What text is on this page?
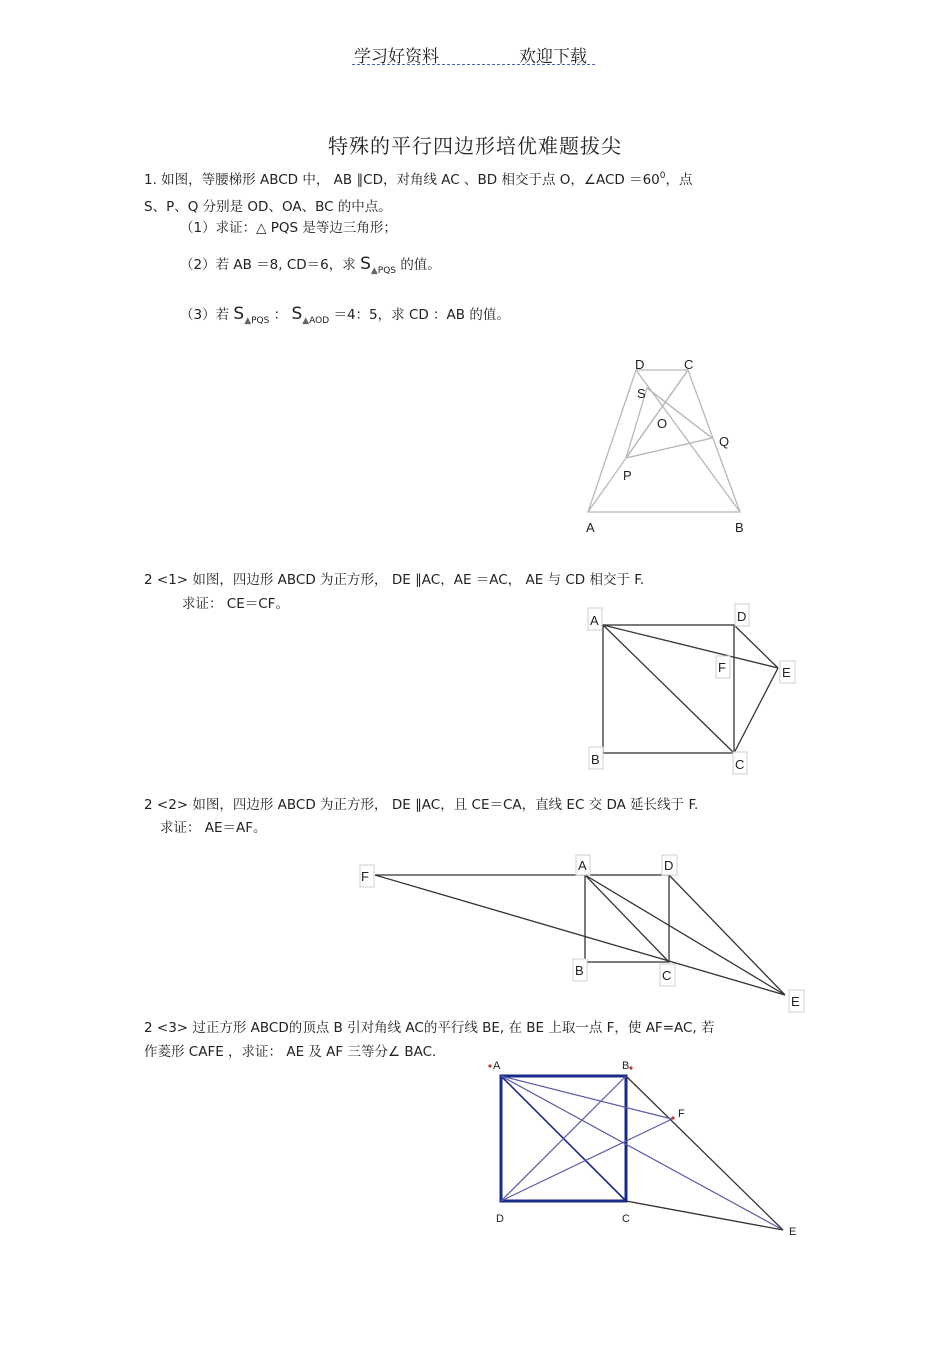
学习好资料	欢迎下载
特殊的平行四边形培优难题拔尖
1. 如图，等腰梯形 ABCD 中， AB ∥CD，对角线 AC 、BD 相交于点 O，∠ACD $=60^0$，点
S、P、Q 分别是 OD、OA、BC 的中点。
（1）求证：△ PQS 是等边三角形；
（2）若 AB ＝8, CD＝6，求 $S_{▲PQS}$ 的值。
（3）若 $S_{▲PQS}$ ： $S_{▲AOD} =4$：5，求 CD ：AB 的值。
2 <1> 如图，四边形 ABCD 为正方形， DE ∥AC，AE ＝AC， AE 与 CD 相交于 F.
求证： CE＝CF。
2 <2> 如图，四边形 ABCD 为正方形， DE ∥AC，且 CE＝CA，直线 EC 交 DA 延长线于 F.
求证： AE＝AF。
2 <3> 过正方形 ABCD的顶点 B 引对角线 AC的平行线 BE, 在 BE 上取一点 F，使 AF=AC, 若
作菱形 CAFE ，求证： AE 及 AF 三等分∠ BAC.
D	C
S
O
Q
P
A	B
A	D
F	E
B	C
F
A	D
B	C
E
A	B
F
D	C
E
